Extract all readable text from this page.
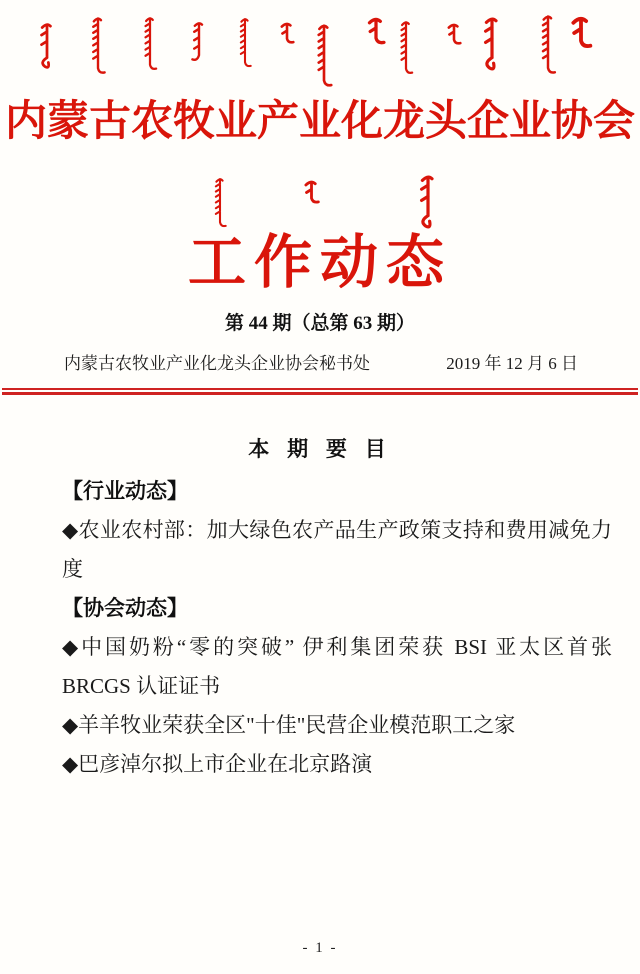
内蒙古农牧业产业化龙头企业协会
工作动态
第 44 期（总第 63 期）
内蒙古农牧业产业化龙头企业协会秘书处	2019 年 12 月 6 日
本 期 要 目
【行业动态】
◆农业农村部：加大绿色农产品生产政策支持和费用减免力度
【协会动态】
◆中国奶粉“零的突破” 伊利集团荣获 BSI 亚太区首张 BRCGS 认证证书
◆羊羊牧业荣获全区"十佳"民营企业模范职工之家
◆巴彦淖尔拟上市企业在北京路演
- 1 -
